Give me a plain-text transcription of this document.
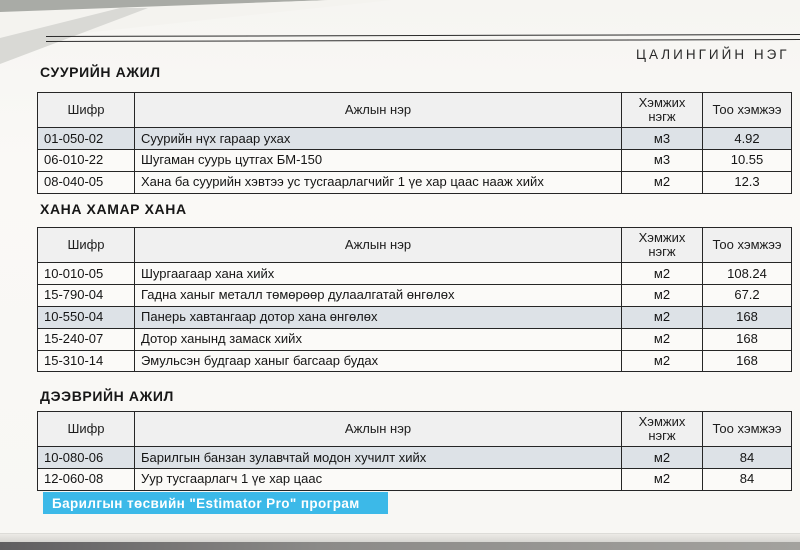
ЦАЛИНГИЙН НЭГ
СУУРИЙН АЖИЛ
Шифр	Ажлын нэр	Хэмжих нэгж	Тоо хэмжээ
01-050-02	Суурийн нүх гараар ухах	м3	4.92
06-010-22	Шугаман суурь цутгах БМ-150	м3	10.55
08-040-05	Хана ба суурийн хэвтээ ус тусгаарлагчийг 1 үе хар цаас нааж хийх	м2	12.3
ХАНА ХАМАР ХАНА
Шифр	Ажлын нэр	Хэмжих нэгж	Тоо хэмжээ
10-010-05	Шургаагаар хана хийх	м2	108.24
15-790-04	Гадна ханыг металл төмөрөөр дулаалгатай өнгөлөх	м2	67.2
10-550-04	Панерь хавтангаар дотор хана өнгөлөх	м2	168
15-240-07	Дотор ханынд замаск хийх	м2	168
15-310-14	Эмульсэн будгаар ханыг багсаар будах	м2	168
ДЭЭВРИЙН АЖИЛ
Шифр	Ажлын нэр	Хэмжих нэгж	Тоо хэмжээ
10-080-06	Барилгын банзан зулавчтай модон хучилт хийх	м2	84
12-060-08	Уур тусгаарлагч 1 үе хар цаас	м2	84
Барилгын төсвийн "Estimator Pro" програм
